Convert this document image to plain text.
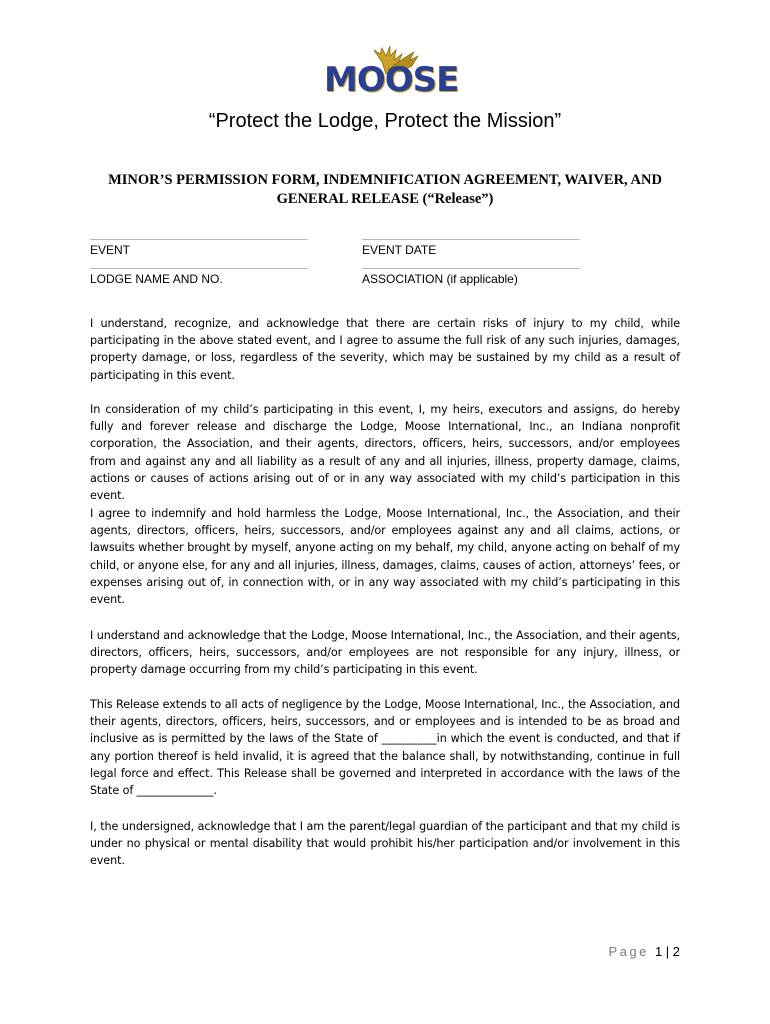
MOOSE
“Protect the Lodge, Protect the Mission”
MINOR’S PERMISSION FORM, INDEMNIFICATION AGREEMENT, WAIVER, AND GENERAL RELEASE (“Release”)
EVENT	EVENT DATE
LODGE NAME AND NO.	ASSOCIATION (if applicable)
I understand, recognize, and acknowledge that there are certain risks of injury to my child, while participating in the above stated event, and I agree to assume the full risk of any such injuries, damages, property damage, or loss, regardless of the severity, which may be sustained by my child as a result of participating in this event.
In consideration of my child’s participating in this event, I, my heirs, executors and assigns, do hereby fully and forever release and discharge the Lodge, Moose International, Inc., an Indiana nonprofit corporation, the Association, and their agents, directors, officers, heirs, successors, and/or employees from and against any and all liability as a result of any and all injuries, illness, property damage, claims, actions or causes of actions arising out of or in any way associated with my child’s participation in this event.
I agree to indemnify and hold harmless the Lodge, Moose International, Inc., the Association, and their agents, directors, officers, heirs, successors, and/or employees against any and all claims, actions, or lawsuits whether brought by myself, anyone acting on my behalf, my child, anyone acting on behalf of my child, or anyone else, for any and all injuries, illness, damages, claims, causes of action, attorneys’ fees, or expenses arising out of, in connection with, or in any way associated with my child’s participating in this event.
I understand and acknowledge that the Lodge, Moose International, Inc., the Association, and their agents, directors, officers, heirs, successors, and/or employees are not responsible for any injury, illness, or property damage occurring from my child’s participating in this event.
This Release extends to all acts of negligence by the Lodge, Moose International, Inc., the Association, and their agents, directors, officers, heirs, successors, and or employees and is intended to be as broad and inclusive as is permitted by the laws of the State of __________in which the event is conducted, and that if any portion thereof is held invalid, it is agreed that the balance shall, by notwithstanding, continue in full legal force and effect. This Release shall be governed and interpreted in accordance with the laws of the State of ______________.
I, the undersigned, acknowledge that I am the parent/legal guardian of the participant and that my child is under no physical or mental disability that would prohibit his/her participation and/or involvement in this event.
Page 1 | 2
